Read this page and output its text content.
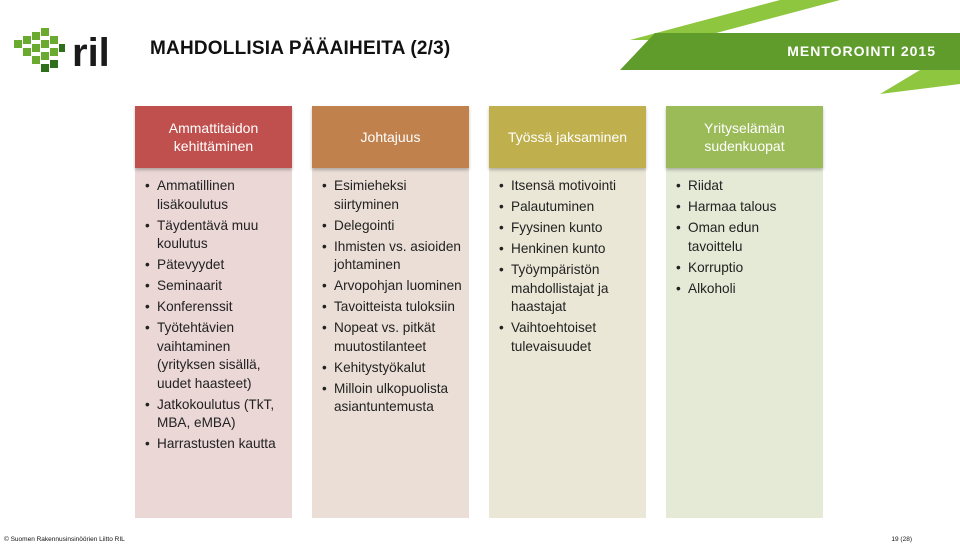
ril MAHDOLLISIA PÄÄAIHEITA (2/3)	MENTOROINTI 2015
Ammattitaidon kehittäminen
• Ammatillinen lisäkoulutus
• Täydentävä muu koulutus
• Pätevyydet
• Seminaarit
• Konferenssit
• Työtehtävien vaihtaminen (yrityksen sisällä, uudet haasteet)
• Jatkokoulutus (TkT, MBA, eMBA)
• Harrastusten kautta
Johtajuus
• Esimieheksi siirtyminen
• Delegointi
• Ihmisten vs. asioiden johtaminen
• Arvopohjan luominen
• Tavoitteista tuloksiin
• Nopeat vs. pitkät muutostilanteet
• Kehitystyökalut
• Milloin ulkopuolista asiantuntemusta
Työssä jaksaminen
• Itsensä motivointi
• Palautuminen
• Fyysinen kunto
• Henkinen kunto
• Työympäristön mahdollistajat ja haastajat
• Vaihtoehtoiset tulevaisuudet
Yrityselämän sudenkuopat
• Riidat
• Harmaa talous
• Oman edun tavoittelu
• Korruptio
• Alkoholi
© Suomen Rakennusinsinöörien Liitto RIL	19 (28)
